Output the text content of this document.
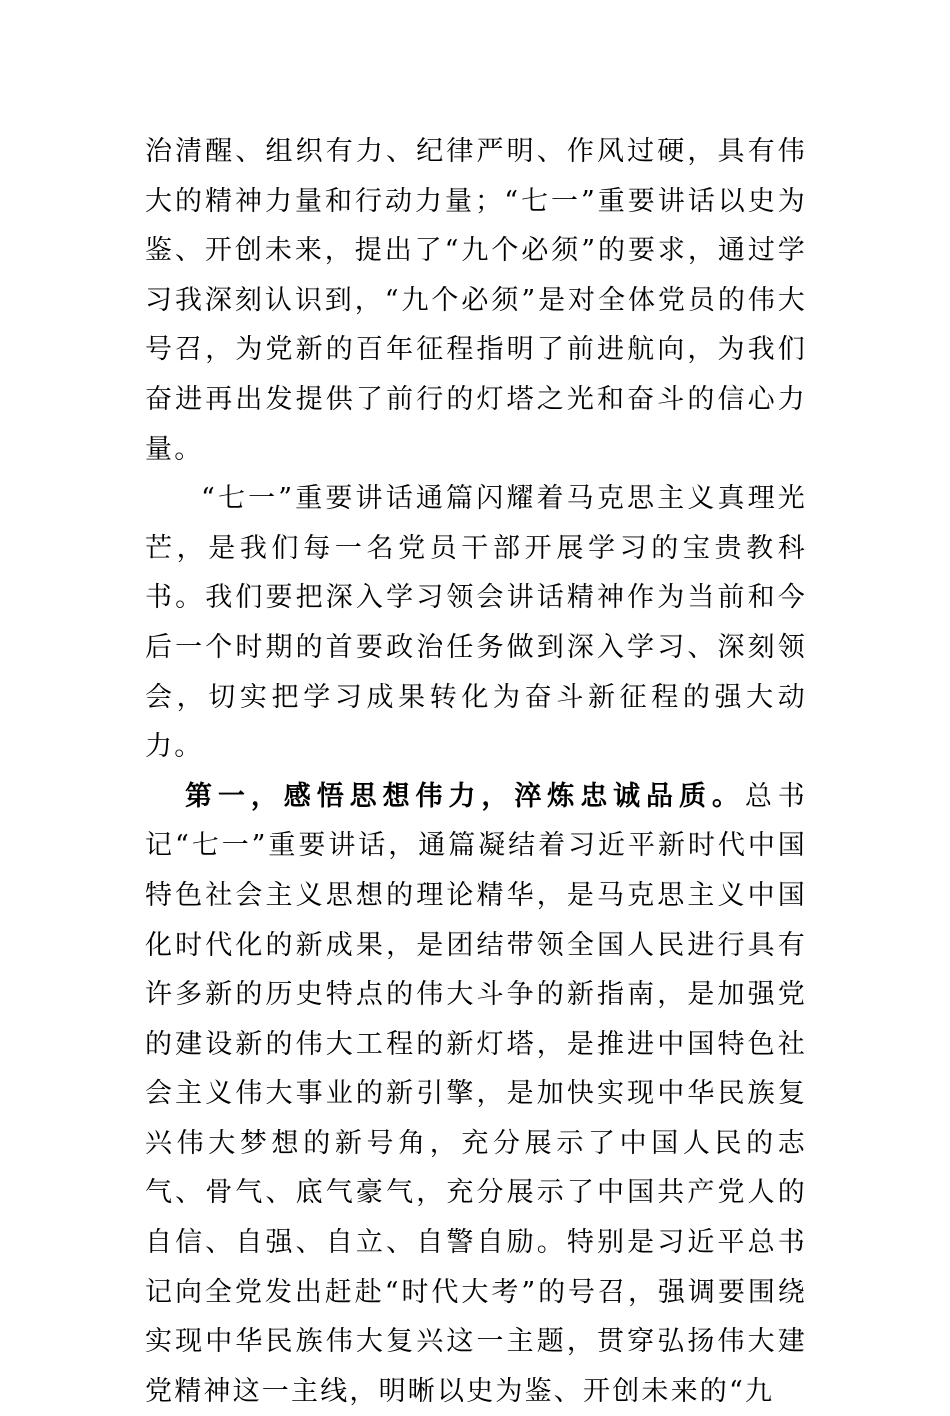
治清醒、组织有力、纪律严明、作风过硬，具有伟大的精神力量和行动力量；“七一”重要讲话以史为鉴、开创未来，提出了“九个必须”的要求，通过学习我深刻认识到，“九个必须”是对全体党员的伟大号召，为党新的百年征程指明了前进航向，为我们奋进再出发提供了前行的灯塔之光和奋斗的信心力量。

“七一”重要讲话通篇闪耀着马克思主义真理光芒，是我们每一名党员干部开展学习的宝贵教科书。我们要把深入学习领会讲话精神作为当前和今后一个时期的首要政治任务做到深入学习、深刻领会，切实把学习成果转化为奋斗新征程的强大动力。

第一，感悟思想伟力，淬炼忠诚品质。总书记“七一”重要讲话，通篇凝结着习近平新时代中国特色社会主义思想的理论精华，是马克思主义中国化时代化的新成果，是团结带领全国人民进行具有许多新的历史特点的伟大斗争的新指南，是加强党的建设新的伟大工程的新灯塔，是推进中国特色社会主义伟大事业的新引擎，是加快实现中华民族复兴伟大梦想的新号角，充分展示了中国人民的志气、骨气、底气豪气，充分展示了中国共产党人的自信、自强、自立、自警自励。特别是习近平总书记向全党发出赶赴“时代大考”的号召，强调要围绕实现中华民族伟大复兴这一主题，贯穿弘扬伟大建党精神这一主线，明晰以史为鉴、开创未来的“九
